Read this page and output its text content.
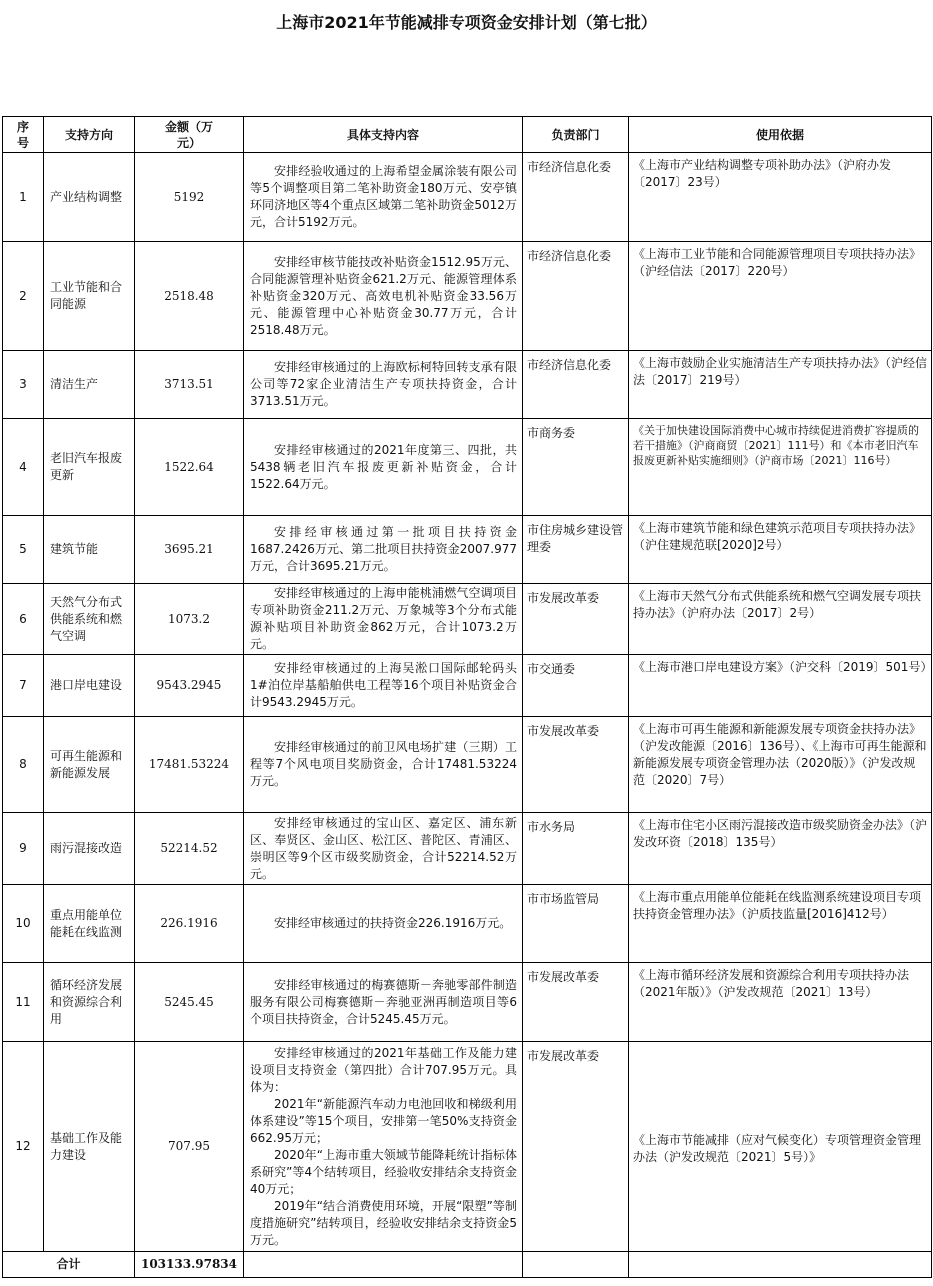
上海市2021年节能减排专项资金安排计划（第七批）
序号	支持方向	金额（万元）	具体支持内容	负责部门	使用依据
1	产业结构调整	5192	安排经验收通过的上海希望金属涂装有限公司等5个调整项目第二笔补助资金180万元、安亭镇环同济地区等4个重点区域第二笔补助资金5012万元，合计5192万元。	市经济信息化委	《上海市产业结构调整专项补助办法》（沪府办发〔2017〕23号）
2	工业节能和合同能源	2518.48	安排经审核节能技改补贴资金1512.95万元、合同能源管理补贴资金621.2万元、能源管理体系补贴资金320万元、高效电机补贴资金33.56万元、能源管理中心补贴资金30.77万元，合计2518.48万元。	市经济信息化委	《上海市工业节能和合同能源管理项目专项扶持办法》（沪经信法〔2017〕220号）
3	清洁生产	3713.51	安排经审核通过的上海欧标柯特回转支承有限公司等72家企业清洁生产专项扶持资金，合计3713.51万元。	市经济信息化委	《上海市鼓励企业实施清洁生产专项扶持办法》（沪经信法〔2017〕219号）
4	老旧汽车报废更新	1522.64	安排经审核通过的2021年度第三、四批，共5438辆老旧汽车报废更新补贴资金，合计1522.64万元。	市商务委	《关于加快建设国际消费中心城市持续促进消费扩容提质的若干措施》（沪商商贸〔2021〕111号）和《本市老旧汽车报废更新补贴实施细则》（沪商市场〔2021〕116号）
5	建筑节能	3695.21	安排经审核通过第一批项目扶持资金1687.2426万元、第二批项目扶持资金2007.977万元，合计3695.21万元。	市住房城乡建设管理委	《上海市建筑节能和绿色建筑示范项目专项扶持办法》（沪住建规范联[2020]2号）
6	天然气分布式供能系统和燃气空调	1073.2	安排经审核通过的上海申能桃浦燃气空调项目专项补助资金211.2万元、万象城等3个分布式能源补贴项目补助资金862万元，合计1073.2万元。	市发展改革委	《上海市天然气分布式供能系统和燃气空调发展专项扶持办法》（沪府办法〔2017〕2号）
7	港口岸电建设	9543.2945	安排经审核通过的上海吴淞口国际邮轮码头1#泊位岸基船舶供电工程等16个项目补贴资金合计9543.2945万元。	市交通委	《上海市港口岸电建设方案》（沪交科〔2019〕501号）
8	可再生能源和新能源发展	17481.53224	安排经审核通过的前卫风电场扩建（三期）工程等7个风电项目奖励资金，合计17481.53224万元。	市发展改革委	《上海市可再生能源和新能源发展专项资金扶持办法》（沪发改能源〔2016〕136号）、《上海市可再生能源和新能源发展专项资金管理办法（2020版）》（沪发改规范〔2020〕7号）
9	雨污混接改造	52214.52	安排经审核通过的宝山区、嘉定区、浦东新区、奉贤区、金山区、松江区、普陀区、青浦区、崇明区等9个区市级奖励资金，合计52214.52万元。	市水务局	《上海市住宅小区雨污混接改造市级奖励资金办法》（沪发改环资〔2018〕135号）
10	重点用能单位能耗在线监测	226.1916	安排经审核通过的扶持资金226.1916万元。	市市场监管局	《上海市重点用能单位能耗在线监测系统建设项目专项扶持资金管理办法》（沪质技监量[2016]412号）
11	循环经济发展和资源综合利用	5245.45	安排经审核通过的梅赛德斯－奔驰零部件制造服务有限公司梅赛德斯－奔驰亚洲再制造项目等6个项目扶持资金，合计5245.45万元。	市发展改革委	《上海市循环经济发展和资源综合利用专项扶持办法（2021年版）》（沪发改规范〔2021〕13号）
12	基础工作及能力建设	707.95	安排经审核通过的2021年基础工作及能力建设项目支持资金（第四批）合计707.95万元。具体为：

2021年“新能源汽车动力电池回收和梯级利用体系建设”等15个项目，安排第一笔50%支持资金662.95万元；

2020年“上海市重大领域节能降耗统计指标体系研究”等4个结转项目，经验收安排结余支持资金40万元；

2019年“结合消费使用环境，开展“限塑”等制度措施研究”结转项目，经验收安排结余支持资金5万元。	市发展改革委	《上海市节能减排（应对气候变化）专项管理资金管理办法（沪发改规范〔2021〕5号）》
合计		103133.97834			
